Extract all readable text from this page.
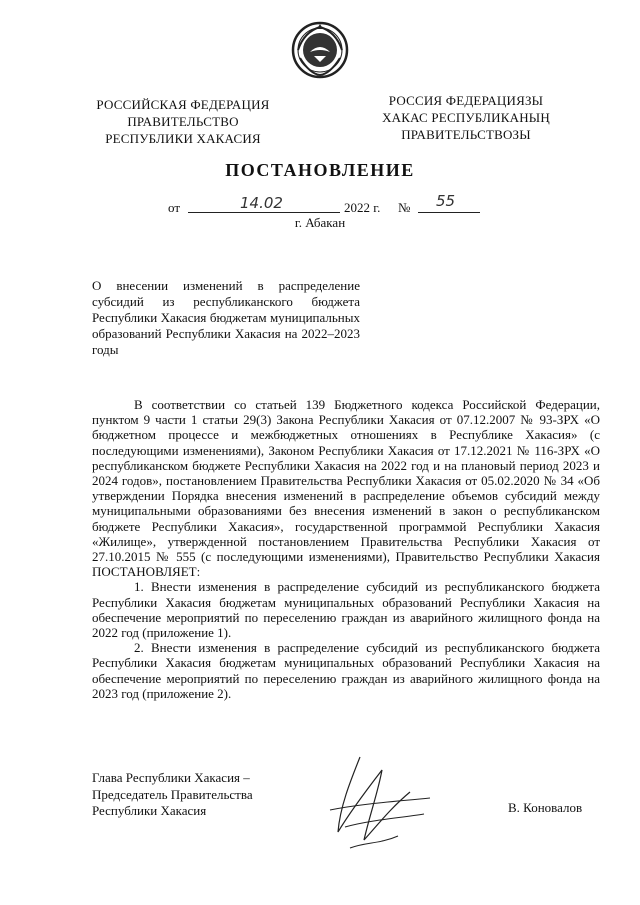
РОССИЙСКАЯ ФЕДЕРАЦИЯ
ПРАВИТЕЛЬСТВО
РЕСПУБЛИКИ ХАКАСИЯ
РОССИЯ ФЕДЕРАЦИЯЗЫ
ХАКАС РЕСПУБЛИКАНЫҢ
ПРАВИТЕЛЬСТВОЗЫ
ПОСТАНОВЛЕНИЕ
от	14.02	2022 г. № 55
г. Абакан
О внесении изменений в распределение субсидий из республиканского бюджета Республики Хакасия бюджетам муниципальных образований Республики Хакасия на 2022–2023 годы

В соответствии со статьей 139 Бюджетного кодекса Российской Федерации, пунктом 9 части 1 статьи 29(3) Закона Республики Хакасия от 07.12.2007 № 93-ЗРХ «О бюджетном процессе и межбюджетных отношениях в Республике Хакасия» (с последующими изменениями), Законом Республики Хакасия от 17.12.2021 № 116-ЗРХ «О республиканском бюджете Республики Хакасия на 2022 год и на плановый период 2023 и 2024 годов», постановлением Правительства Республики Хакасия от 05.02.2020 № 34 «Об утверждении Порядка внесения изменений в распределение объемов субсидий между муниципальными образованиями без внесения изменений в закон о республиканском бюджете Республики Хакасия», государственной программой Республики Хакасия «Жилище», утвержденной постановлением Правительства Республики Хакасия от 27.10.2015 № 555 (с последующими изменениями), Правительство Республики Хакасия ПОСТАНОВЛЯЕТ:

1. Внести изменения в распределение субсидий из республиканского бюджета Республики Хакасия бюджетам муниципальных образований Республики Хакасия на обеспечение мероприятий по переселению граждан из аварийного жилищного фонда на 2022 год (приложение 1).

2. Внести изменения в распределение субсидий из республиканского бюджета Республики Хакасия бюджетам муниципальных образований Республики Хакасия на обеспечение мероприятий по переселению граждан из аварийного жилищного фонда на 2023 год (приложение 2).

Глава Республики Хакасия –
Председатель Правительства
Республики Хакасия	В. Коновалов
